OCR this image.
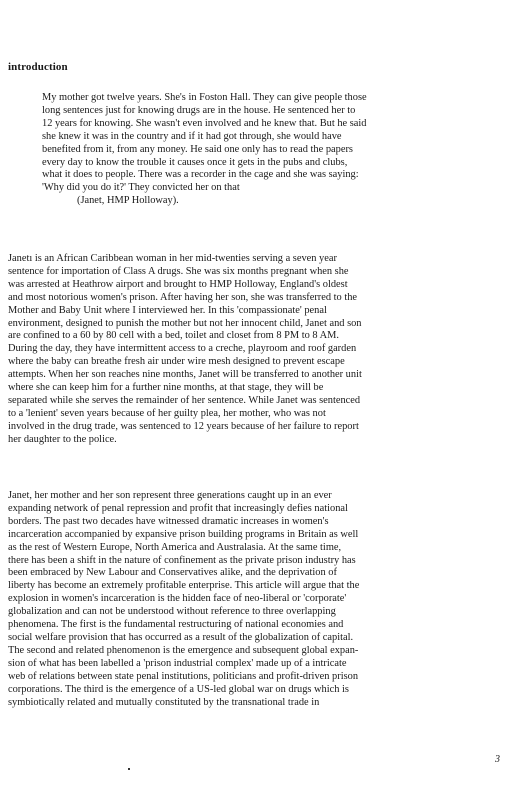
introduction
My mother got twelve years. She's in Foston Hall. They can give people those
long sentences just for knowing drugs are in the house. He sentenced her to
12 years for knowing. She wasn't even involved and he knew that. But he said
she knew it was in the country and if it had got through, she would have
benefited from it, from any money. He said one only has to read the papers
every day to know the trouble it causes once it gets in the pubs and clubs,
what it does to people. There was a recorder in the cage and she was saying:
'Why did you do it?' They convicted her on that
(Janet, HMP Holloway).
Janetı is an African Caribbean woman in her mid-twenties serving a seven year
sentence for importation of Class A drugs. She was six months pregnant when she
was arrested at Heathrow airport and brought to HMP Holloway, England's oldest
and most notorious women's prison. After having her son, she was transferred to the
Mother and Baby Unit where I interviewed her. In this 'compassionate' penal
environment, designed to punish the mother but not her innocent child, Janet and son
are confined to a 60 by 80 cell with a bed, toilet and closet from 8 PM to 8 AM.
During the day, they have intermittent access to a creche, playroom and roof garden
where the baby can breathe fresh air under wire mesh designed to prevent escape
attempts. When her son reaches nine months, Janet will be transferred to another unit
where she can keep him for a further nine months, at that stage, they will be
separated while she serves the remainder of her sentence. While Janet was sentenced
to a 'lenient' seven years because of her guilty plea, her mother, who was not
involved in the drug trade, was sentenced to 12 years because of her failure to report
her daughter to the police.
Janet, her mother and her son represent three generations caught up in an ever
expanding network of penal repression and profit that increasingly defies national
borders. The past two decades have witnessed dramatic increases in women's
incarceration accompanied by expansive prison building programs in Britain as well
as the rest of Western Europe, North America and Australasia. At the same time,
there has been a shift in the nature of confinement as the private prison industry has
been embraced by New Labour and Conservatives alike, and the deprivation of
liberty has become an extremely profitable enterprise. This article will argue that the
explosion in women's incarceration is the hidden face of neo-liberal or 'corporate'
globalization and can not be understood without reference to three overlapping
phenomena. The first is the fundamental restructuring of national economies and
social welfare provision that has occurred as a result of the globalization of capital.
The second and related phenomenon is the emergence and subsequent global expan-
sion of what has been labelled a 'prison industrial complex' made up of a intricate
web of relations between state penal institutions, politicians and profit-driven prison
corporations. The third is the emergence of a US-led global war on drugs which is
symbiotically related and mutually constituted by the transnational trade in
3
